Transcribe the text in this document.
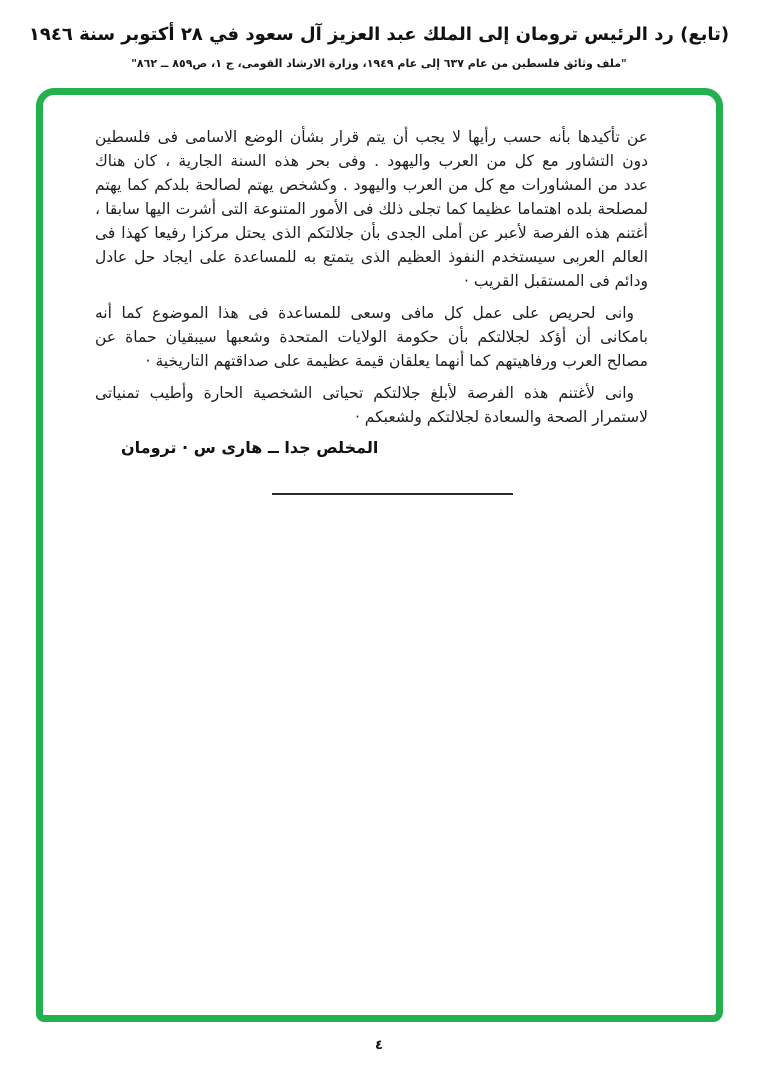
(تابع) رد الرئيس ترومان إلى الملك عبد العزيز آل سعود في ٢٨ أكتوبر سنة ١٩٤٦
"ملف وثائق فلسطين من عام ٦٣٧ إلى عام ١٩٤٩، وزارة الارشاد القومى، ج ١، ص٨٥٩ ــ ٨٦٢"
عن تأكيدها بأنه حسب رأيها لا يجب أن يتم قرار بشأن الوضع الاسامى فى فلسطين
دون التشاور مع كل من العرب واليهود . وفى بحر هذه السنة الجارية ، كان هناك
عدد من المشاورات مع كل من العرب واليهود . وكشخص يهتم لصالحة بلدكم كما يهتم
لمصلحة بلده اهتماما عظيما كما تجلى ذلك فى الأمور المتنوعة التى أشرت اليها سابقا ،
أغتنم هذه الفرصة لأعبر عن أملى الجدى بأن جلالتكم الذى يحتل مركزا رفيعا كهذا فى
العالم العربى سيستخدم النفوذ العظيم الذى يتمتع به للمساعدة على ايجاد حل عادل
ودائم فى المستقبل القريب ·
وانى لحريص على عمل كل مافى وسعى للمساعدة فى هذا الموضوع كما أنه
بامكانى أن أؤكد لجلالتكم بأن حكومة الولايات المتحدة وشعبها سيبقيان حماة عن
مصالح العرب ورفاهيتهم كما أنهما يعلقان قيمة عظيمة على صداقتهم التاريخية ·
وانى لأغتنم هذه الفرصة لأبلغ جلالتكم تحياتى الشخصية الحارة وأطيب تمنياتى
لاستمرار الصحة والسعادة لجلالتكم ولشعبكم ·
المخلص جدا ــ هارى س · ترومان
٤
